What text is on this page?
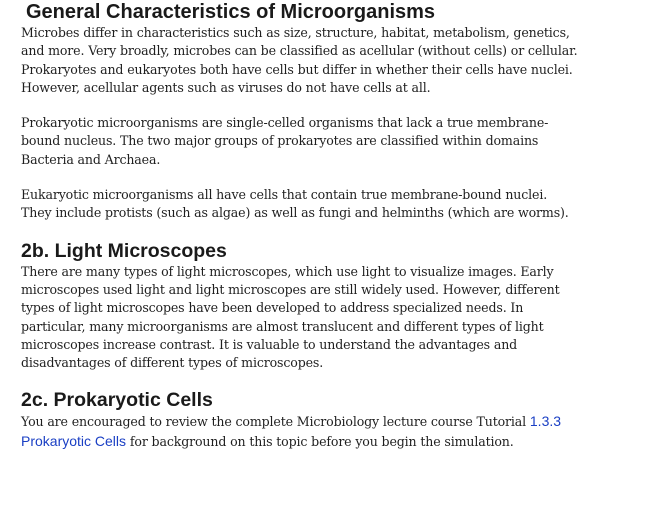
General Characteristics of Microorganisms

Microbes differ in characteristics such as size, structure, habitat, metabolism, genetics, and more. Very broadly, microbes can be classified as acellular (without cells) or cellular. Prokaryotes and eukaryotes both have cells but differ in whether their cells have nuclei. However, acellular agents such as viruses do not have cells at all.

Prokaryotic microorganisms are single-celled organisms that lack a true membrane-bound nucleus. The two major groups of prokaryotes are classified within domains Bacteria and Archaea.

Eukaryotic microorganisms all have cells that contain true membrane-bound nuclei. They include protists (such as algae) as well as fungi and helminths (which are worms).

2b. Light Microscopes

There are many types of light microscopes, which use light to visualize images. Early microscopes used light and light microscopes are still widely used. However, different types of light microscopes have been developed to address specialized needs. In particular, many microorganisms are almost translucent and different types of light microscopes increase contrast. It is valuable to understand the advantages and disadvantages of different types of microscopes.

2c. Prokaryotic Cells

You are encouraged to review the complete Microbiology lecture course Tutorial 1.3.3 Prokaryotic Cells for background on this topic before you begin the simulation.
